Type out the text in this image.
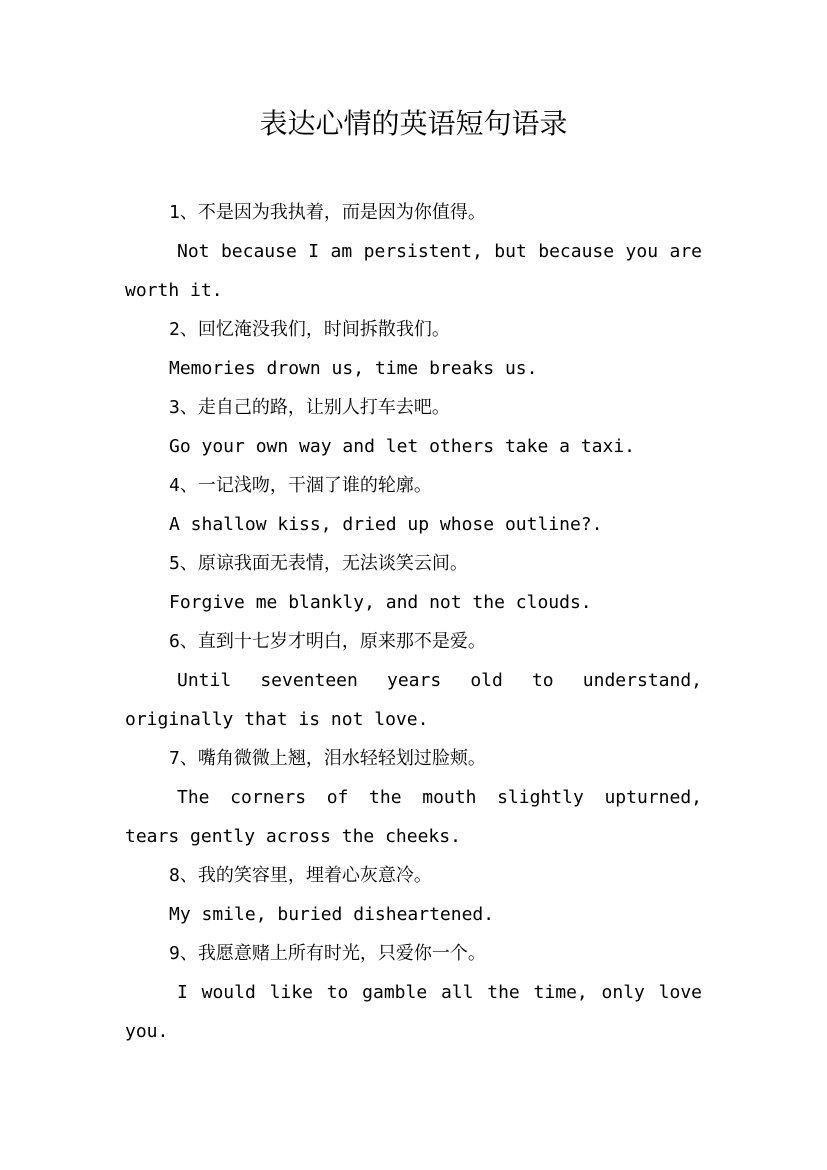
表达心情的英语短句语录

1、不是因为我执着，而是因为你值得。

Not because I am persistent, but because you are worth it.

2、回忆淹没我们，时间拆散我们。

Memories drown us, time breaks us.

3、走自己的路，让别人打车去吧。

Go your own way and let others take a taxi.

4、一记浅吻，干涸了谁的轮廓。

A shallow kiss, dried up whose outline?.

5、原谅我面无表情，无法谈笑云间。

Forgive me blankly, and not the clouds.

6、直到十七岁才明白，原来那不是爱。

Until seventeen years old to understand, originally that is not love.

7、嘴角微微上翘，泪水轻轻划过脸颊。

The corners of the mouth slightly upturned, tears gently across the cheeks.

8、我的笑容里，埋着心灰意冷。

My smile, buried disheartened.

9、我愿意赌上所有时光，只爱你一个。

I would like to gamble all the time, only love you.
